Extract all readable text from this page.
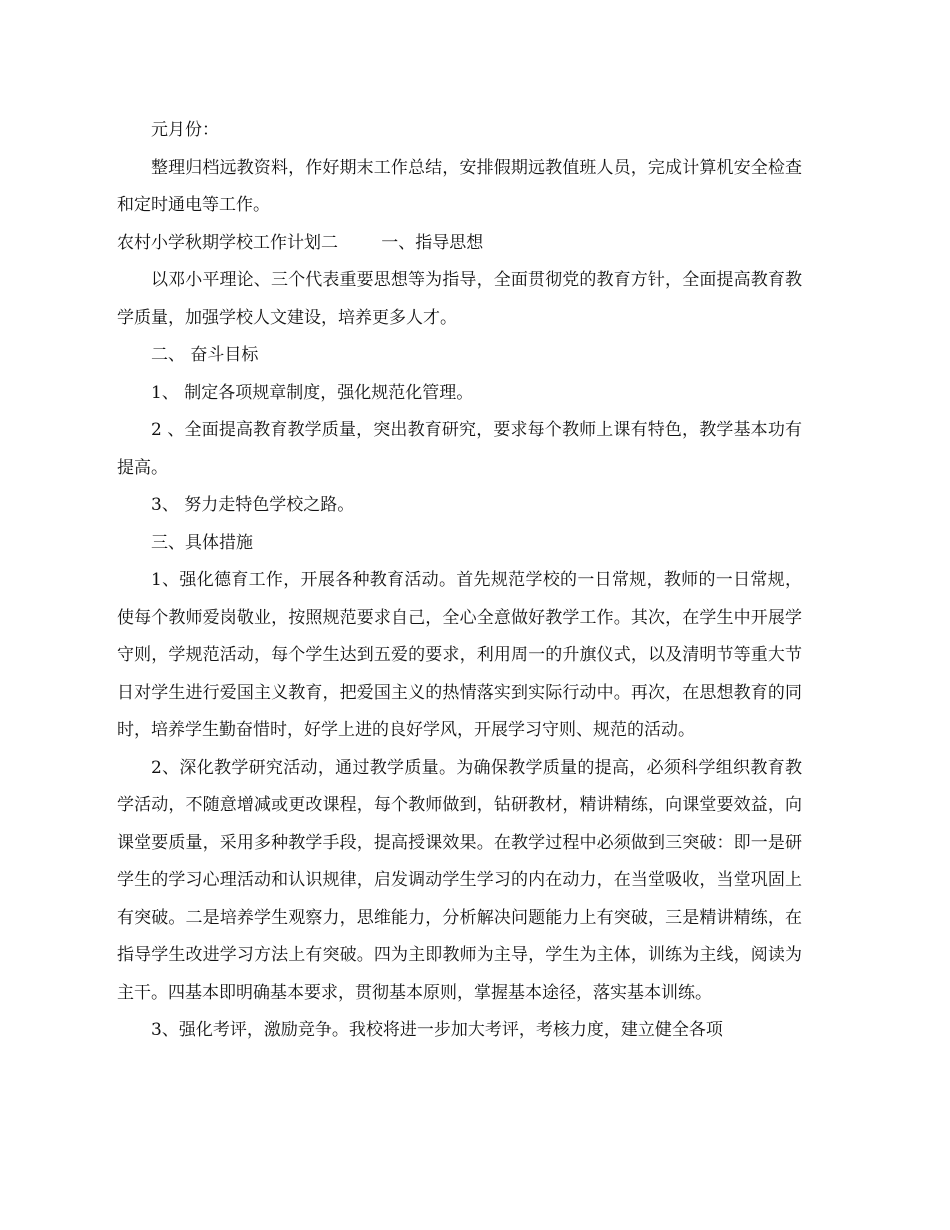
元月份：

整理归档远教资料，作好期末工作总结，安排假期远教值班人员，完成计算机安全检查和定时通电等工作。

农村小学秋期学校工作计划二        一、指导思想

以邓小平理论、三个代表重要思想等为指导，全面贯彻党的教育方针，全面提高教育教学质量，加强学校人文建设，培养更多人才。

二、 奋斗目标

1、 制定各项规章制度，强化规范化管理。

2 、全面提高教育教学质量，突出教育研究，要求每个教师上课有特色，教学基本功有提高。

3、 努力走特色学校之路。

三、具体措施

1、强化德育工作，开展各种教育活动。首先规范学校的一日常规，教师的一日常规，使每个教师爱岗敬业，按照规范要求自己，全心全意做好教学工作。其次，在学生中开展学守则，学规范活动，每个学生达到五爱的要求，利用周一的升旗仪式，以及清明节等重大节日对学生进行爱国主义教育，把爱国主义的热情落实到实际行动中。再次，在思想教育的同时，培养学生勤奋惜时，好学上进的良好学风，开展学习守则、规范的活动。

2、深化教学研究活动，通过教学质量。为确保教学质量的提高，必须科学组织教育教学活动，不随意增减或更改课程，每个教师做到，钻研教材，精讲精练，向课堂要效益，向课堂要质量，采用多种教学手段，提高授课效果。在教学过程中必须做到三突破：即一是研学生的学习心理活动和认识规律，启发调动学生学习的内在动力，在当堂吸收，当堂巩固上有突破。二是培养学生观察力，思维能力，分析解决问题能力上有突破，三是精讲精练，在指导学生改进学习方法上有突破。四为主即教师为主导，学生为主体，训练为主线，阅读为主干。四基本即明确基本要求，贯彻基本原则，掌握基本途径，落实基本训练。

3、强化考评，激励竞争。我校将进一步加大考评，考核力度，建立健全各项
